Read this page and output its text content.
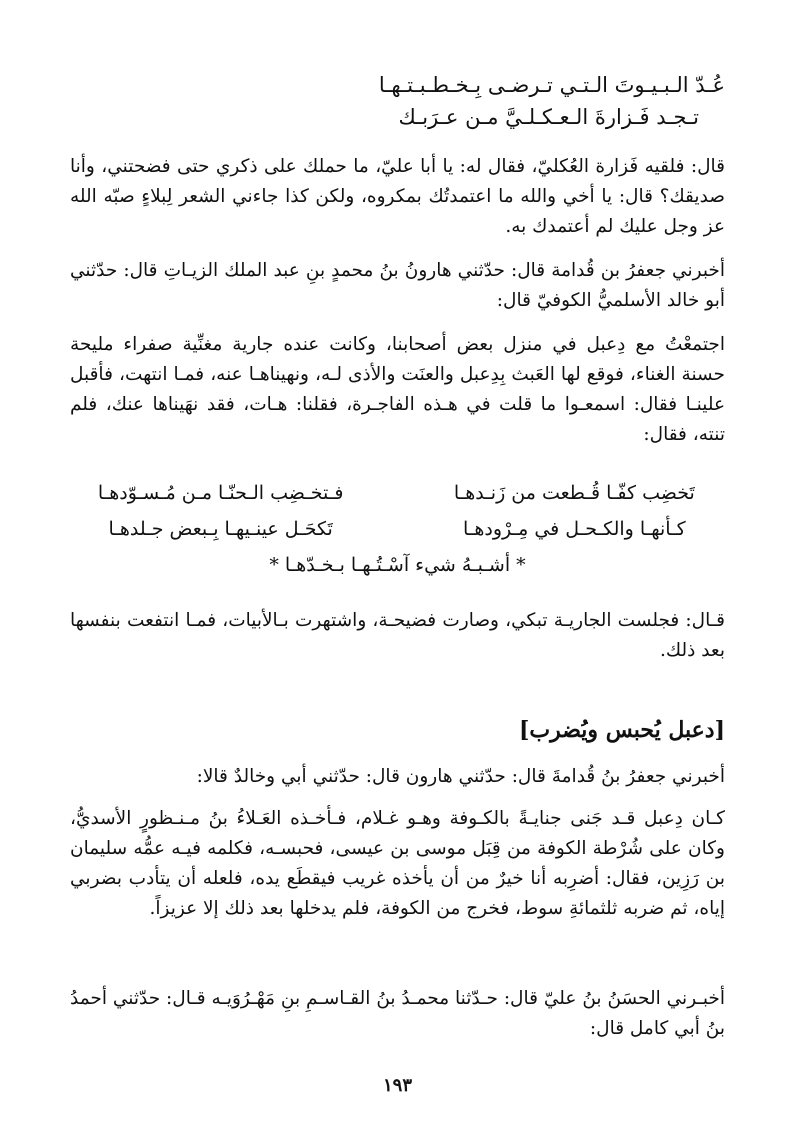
عُـدّ الـبـيـوتَ الـتـي تـرضـى بِـخـطـبـتـهـا
تـجـد فَـزارةَ الـعـكـلـيَّ مـن عـرَبـك

قال: فلقيه فَزارة العُكليّ، فقال له: يا أبا عليّ، ما حملك على ذكري حتى فضحتني، وأنا صديقك؟ قال: يا أخي والله ما اعتمدتُك بمكروه، ولكن كذا جاءني الشعر لِبلاءٍ صبّه الله عز وجل عليك لم أعتمدك به.

أخبرني جعفرُ بن قُدامة قال: حدّثني هارونُ بنُ محمدٍ بنِ عبد الملك الزيـاتِ قال: حدّثني أبو خالد الأسلميُّ الكوفيّ قال:

اجتمعْتُ مع دِعبل في منزل بعض أصحابنا، وكانت عنده جارية مغنِّية صفراء مليحة حسنة الغناء، فوقع لها العَبث بِدِعبل والعنَت والأذى لـه، ونهيناهـا عنه، فمـا انتهت، فأقبل علينـا فقال: اسمعـوا ما قلت في هـذه الفاجـرة، فقلنا: هـات، فقد نهَيناها عنك، فلم تنته، فقال:

تَخضِب كفّـا قُـطعت من زَنـدهـا
فـتخـضِب الـحنّـا مـن مُـسـوّدهـا
كـأنهـا والكـحـل في مِـرْودهـا
تَكحَـل عينـيهـا بِـبعض جـلدهـا
* أشـبـهُ شيء آسْـتُـهـا بـخـدّهـا *

قـال: فجلست الجاريـة تبكي، وصارت فضيحـة، واشتهرت بـالأبيات، فمـا انتفعت بنفسها بعد ذلك.

[دعبل يُحبس ويُضرب]

أخبرني جعفرُ بنُ قُدامةَ قال: حدّثني هارون قال: حدّثني أبي وخالدٌ قالا:

كـان دِعبل قـد جَنى جنايـةً بالكـوفة وهـو غـلام، فـأخـذه العَـلاءُ بنُ مـنـظورٍ الأسديُّ، وكان على شُرْطة الكوفة من قِبَل موسى بن عيسى، فحبسـه، فكلمه فيـه عمُّه سليمان بن رَزِين، فقال: أضرِبه أنا خيرٌ من أن يأخذه غريب فيقطَع يده، فلعله أن يتأدب بضربي إياه، ثم ضربه ثلثمائةِ سوط، فخرج من الكوفة، فلم يدخلها بعد ذلك إلا عزيزاً.

أخبـرني الحسَنُ بنُ عليّ قال: حـدّثنا محمـدُ بنُ القـاسـمِ بنِ مَهْـرُوَيـه قـال: حدّثني أحمدُ بنُ أبي كامل قال:

١٩٣
